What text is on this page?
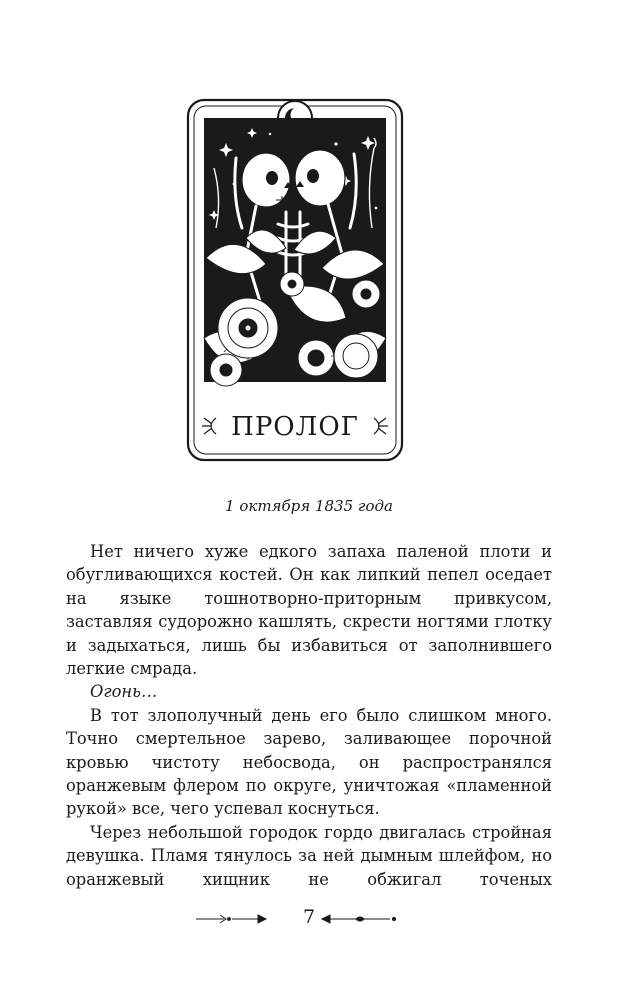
ПРОЛОГ
1 октября 1835 года

Нет ничего хуже едкого запаха паленой плоти и обугливающихся костей. Он как липкий пепел оседает на языке тошнотворно-приторным привкусом, заставляя судорожно кашлять, скрести ногтями глотку и задыхаться, лишь бы избавиться от заполнившего легкие смрада.

Огонь…

В тот злополучный день его было слишком много. Точно смертельное зарево, заливающее порочной кровью чистоту небосвода, он распространялся оранжевым флером по округе, уничтожая «пламенной рукой» все, чего успевал коснуться.

Через небольшой городок гордо двигалась стройная девушка. Пламя тянулось за ней дымным шлейфом, но оранжевый хищник не обжигал точеных

7
